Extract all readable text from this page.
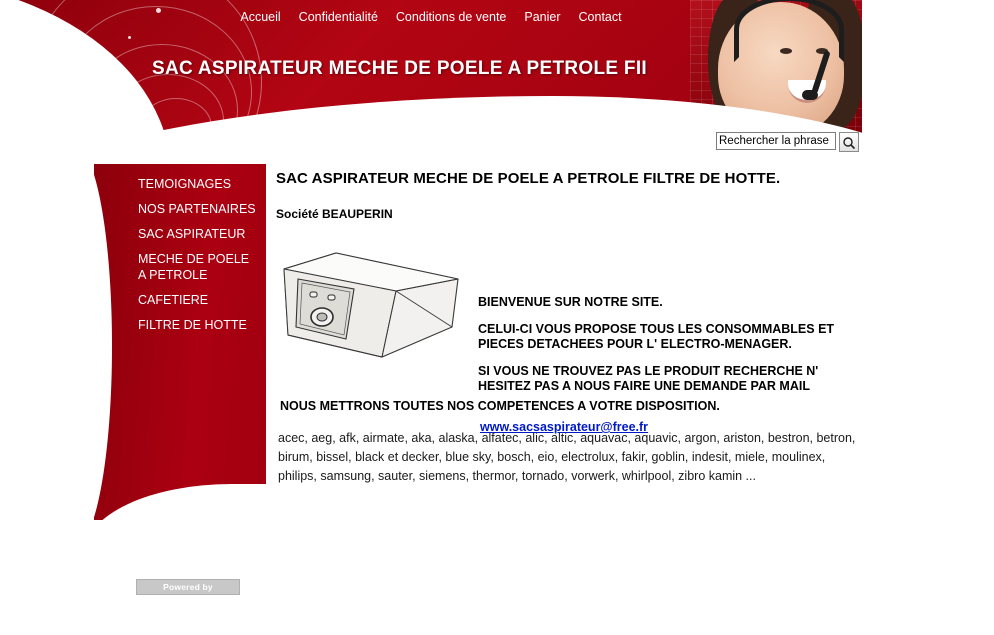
Accueil Confidentialité Conditions de vente Panier Contact
SAC ASPIRATEUR MECHE DE POELE A PETROLE FII
Rechercher la phrase
TEMOIGNAGES
NOS PARTENAIRES
SAC ASPIRATEUR
MECHE DE POELE A PETROLE
CAFETIERE
FILTRE DE HOTTE
SAC ASPIRATEUR MECHE DE POELE A PETROLE FILTRE DE HOTTE.
Société BEAUPERIN

BIENVENUE SUR NOTRE SITE.

CELUI-CI VOUS PROPOSE TOUS LES CONSOMMABLES ET PIECES DETACHEES POUR L' ELECTRO-MENAGER.

SI VOUS NE TROUVEZ PAS LE PRODUIT RECHERCHE N' HESITEZ PAS A NOUS FAIRE UNE DEMANDE PAR MAIL

www.sacsaspirateur@free.fr
NOUS METTRONS TOUTES NOS COMPETENCES A VOTRE DISPOSITION.
acec, aeg, afk, airmate, aka, alaska, alfatec, alic, altic, aquavac, aquavic, argon, ariston, bestron, betron, birum, bissel, black et decker, blue sky, bosch, eio, electrolux, fakir, goblin, indesit, miele, moulinex, philips, samsung, sauter, siemens, thermor, tornado, vorwerk, whirlpool, zibro kamin ...
Powered by ShopFactory
